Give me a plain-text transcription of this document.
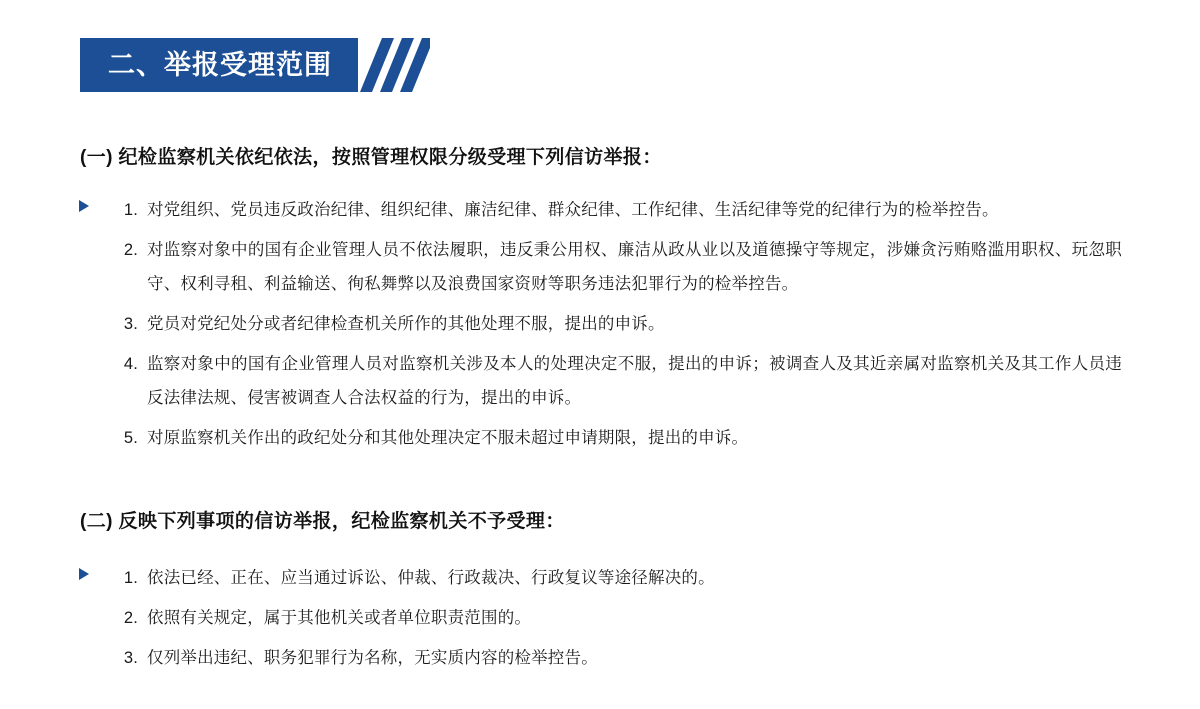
二、举报受理范围
(一) 纪检监察机关依纪依法，按照管理权限分级受理下列信访举报：
1. 对党组织、党员违反政治纪律、组织纪律、廉洁纪律、群众纪律、工作纪律、生活纪律等党的纪律行为的检举控告。
2. 对监察对象中的国有企业管理人员不依法履职，违反秉公用权、廉洁从政从业以及道德操守等规定，涉嫌贪污贿赂滥用职权、玩忽职守、权利寻租、利益输送、徇私舞弊以及浪费国家资财等职务违法犯罪行为的检举控告。
3. 党员对党纪处分或者纪律检查机关所作的其他处理不服，提出的申诉。
4. 监察对象中的国有企业管理人员对监察机关涉及本人的处理决定不服，提出的申诉；被调查人及其近亲属对监察机关及其工作人员违反法律法规、侵害被调查人合法权益的行为，提出的申诉。
5. 对原监察机关作出的政纪处分和其他处理决定不服未超过申请期限，提出的申诉。
(二) 反映下列事项的信访举报，纪检监察机关不予受理：
1. 依法已经、正在、应当通过诉讼、仲裁、行政裁决、行政复议等途径解决的。
2. 依照有关规定，属于其他机关或者单位职责范围的。
3. 仅列举出违纪、职务犯罪行为名称，无实质内容的检举控告。
